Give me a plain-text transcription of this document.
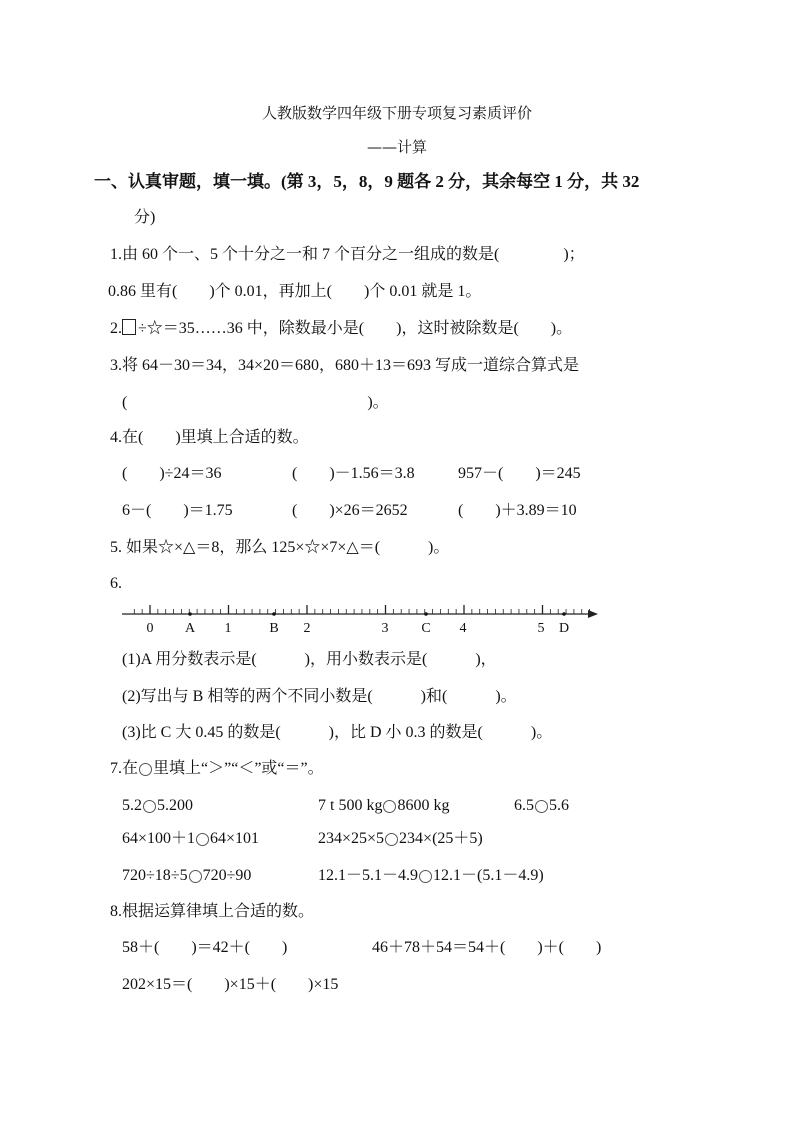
人教版数学四年级下册专项复习素质评价
——计算
一、认真审题，填一填。(第 3，5，8，9 题各 2 分，其余每空 1 分，共 32
分)
1.由 60 个一、5 个十分之一和 7 个百分之一组成的数是(　　　　)；
0.86 里有(　　)个 0.01，再加上(　　)个 0.01 就是 1。
2. ÷☆＝35……36 中，除数最小是(　　)，这时被除数是(　　)。
3.将 64－30＝34，34×20＝680，680＋13＝693 写成一道综合算式是
(　　　　　　　　　　　　　　　)。
4.在(　　)里填上合适的数。
(　　)÷24＝36	(　　)－1.56＝3.8	957－(　　)＝245
6－(　　)＝1.75	(　　)×26＝2652	(　　)＋3.89＝10
5. 如果☆×△＝8，那么 125×☆×7×△＝(　　　)。
6.
0 A 1	B 2	3 C 4	5 D
(1)A 用分数表示是(　　　)，用小数表示是(　　　)，
(2)写出与 B 相等的两个不同小数是(　　　)和(　　　)。
(3)比 C 大 0.45 的数是(　　　)，比 D 小 0.3 的数是(　　　)。
7.在 里填上“＞”“＜”或“＝”。
5.2 5.200	7 t 500 kg 8600 kg	6.5 5.6
64×100＋1 64×101	234×25×5 234×(25＋5)
720÷18÷5 720÷90	12.1－5.1－4.9 12.1－(5.1－4.9)
8.根据运算律填上合适的数。
58＋(　　)＝42＋(　　)	46＋78＋54＝54＋(　　)＋(　　)
202×15＝(　　)×15＋(　　)×15
